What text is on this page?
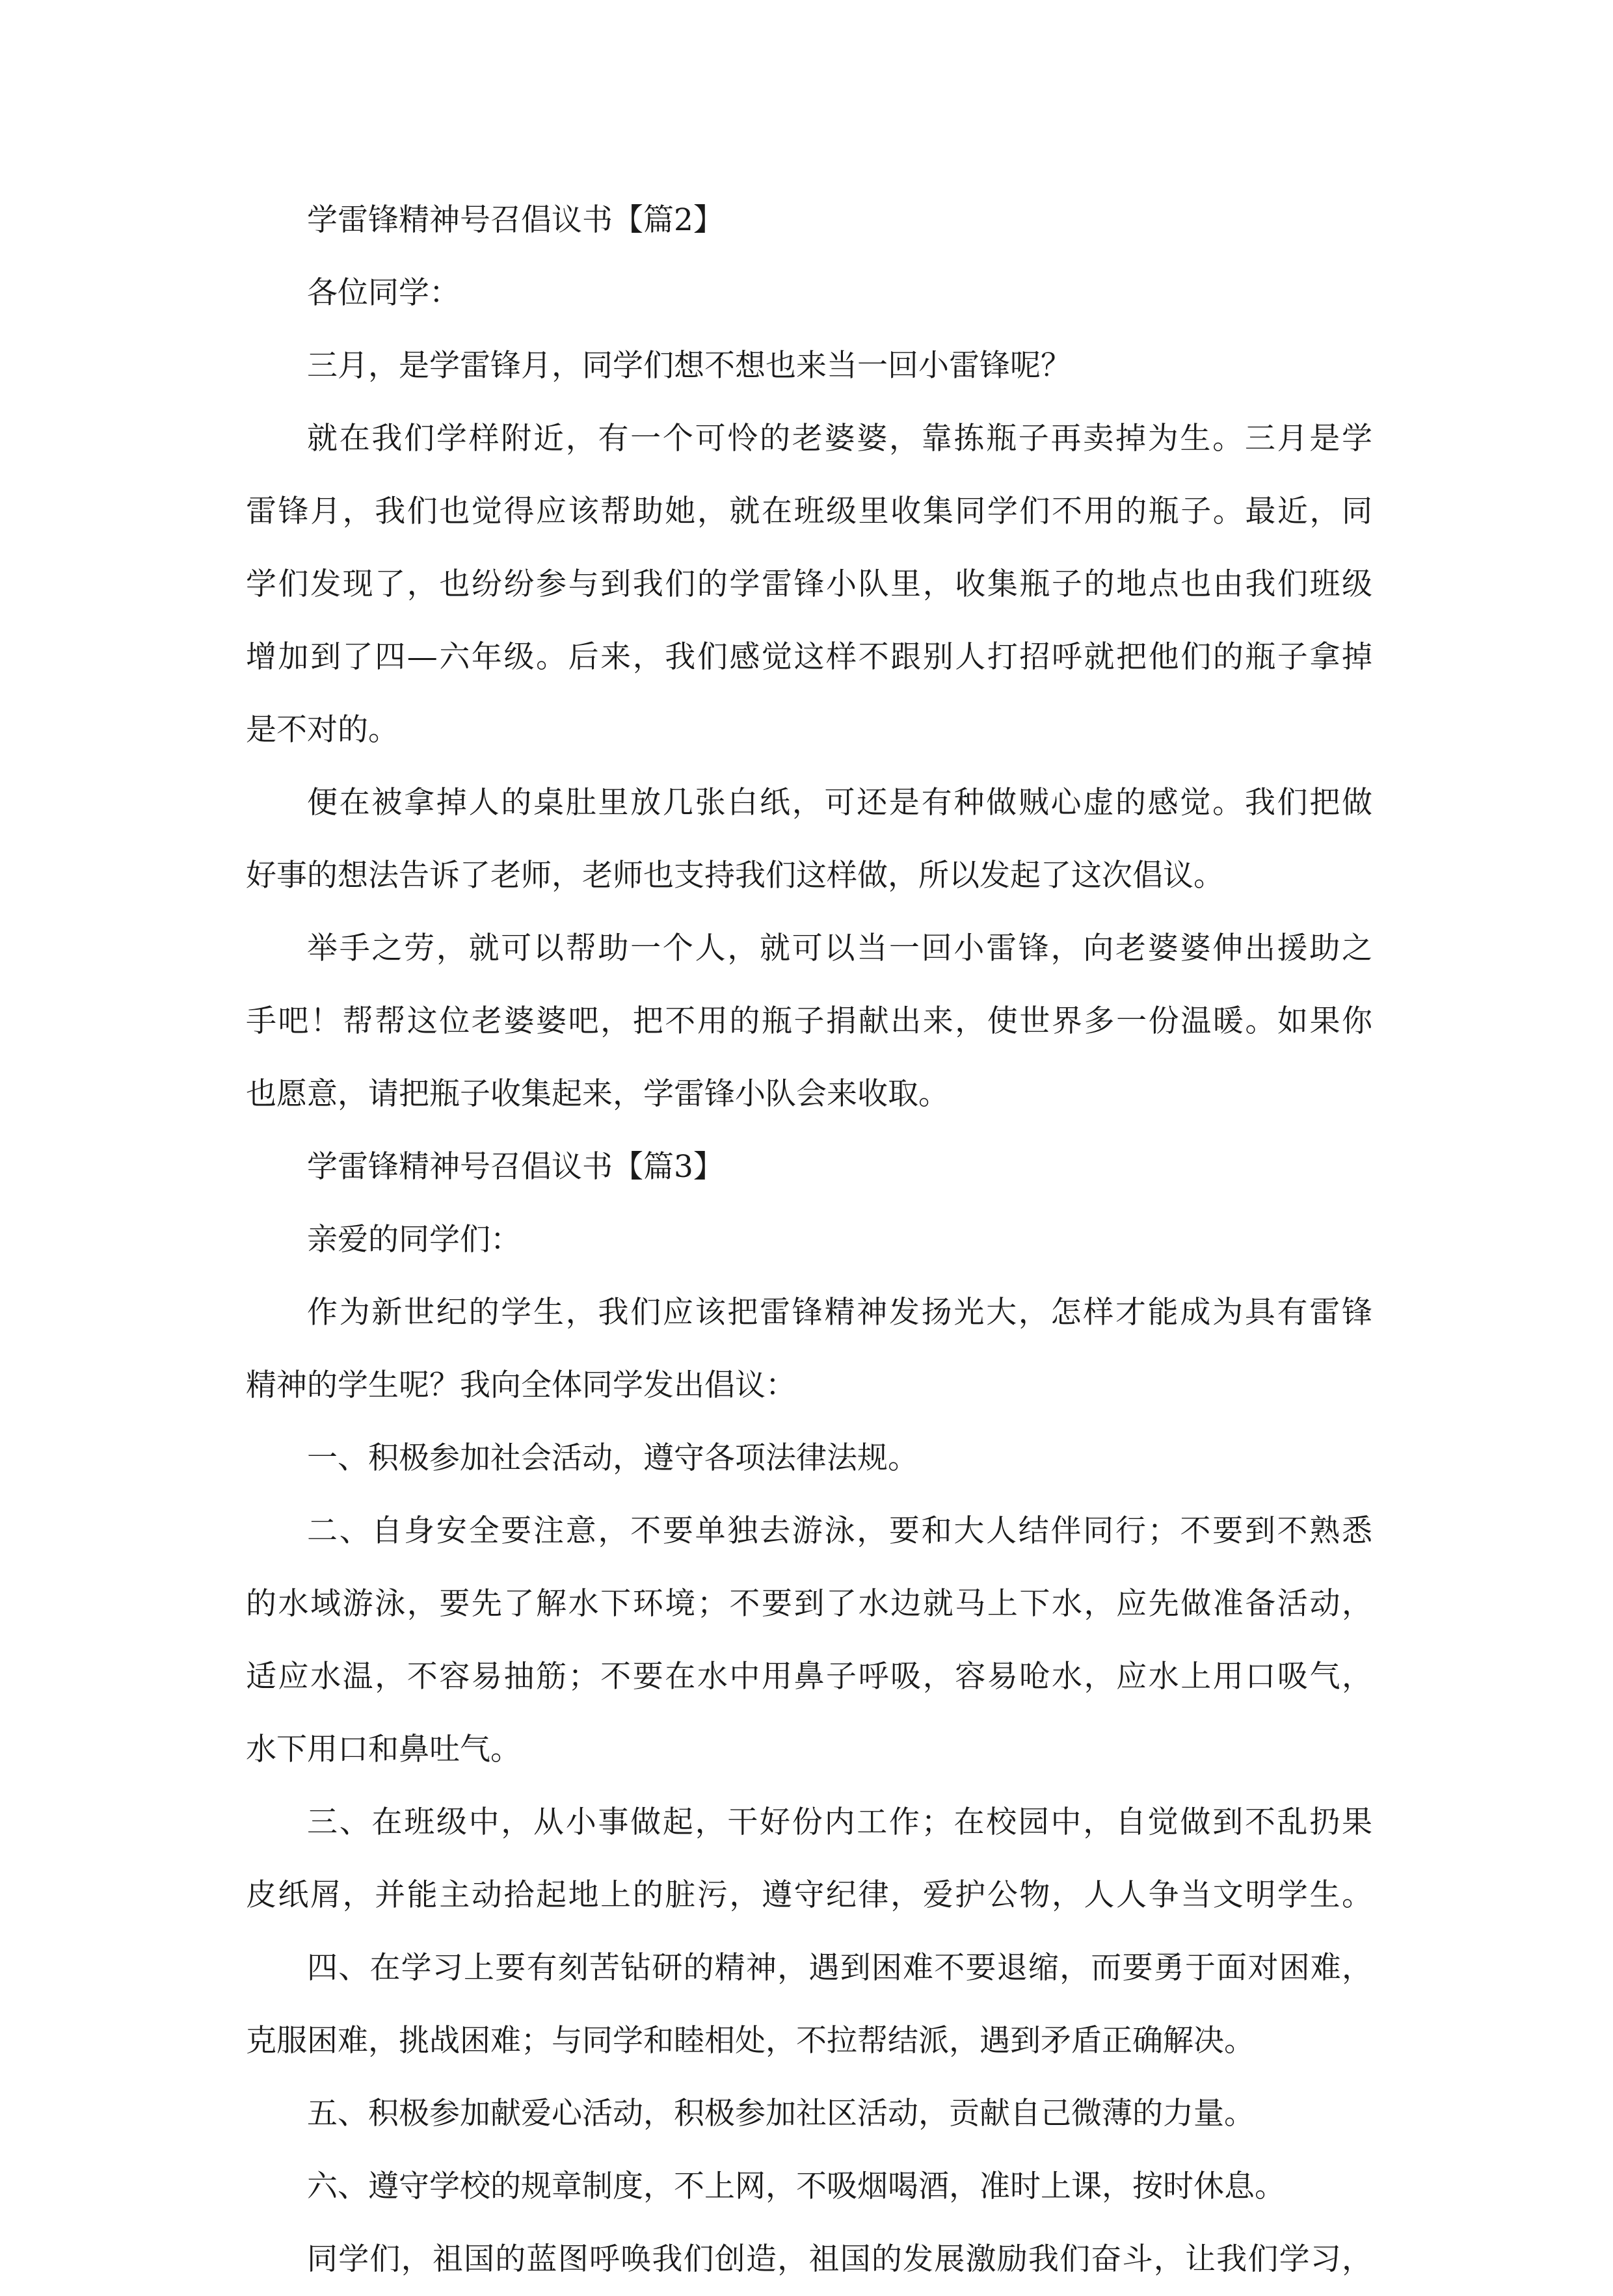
学雷锋精神号召倡议书【篇2】
各位同学：
三月，是学雷锋月，同学们想不想也来当一回小雷锋呢？
就在我们学样附近，有一个可怜的老婆婆，靠拣瓶子再卖掉为生。三月是学
雷锋月，我们也觉得应该帮助她，就在班级里收集同学们不用的瓶子。最近，同
学们发现了，也纷纷参与到我们的学雷锋小队里，收集瓶子的地点也由我们班级
增加到了四—六年级。后来，我们感觉这样不跟别人打招呼就把他们的瓶子拿掉
是不对的。
便在被拿掉人的桌肚里放几张白纸，可还是有种做贼心虚的感觉。我们把做
好事的想法告诉了老师，老师也支持我们这样做，所以发起了这次倡议。
举手之劳，就可以帮助一个人，就可以当一回小雷锋，向老婆婆伸出援助之
手吧！帮帮这位老婆婆吧，把不用的瓶子捐献出来，使世界多一份温暖。如果你
也愿意，请把瓶子收集起来，学雷锋小队会来收取。
学雷锋精神号召倡议书【篇3】
亲爱的同学们：
作为新世纪的学生，我们应该把雷锋精神发扬光大，怎样才能成为具有雷锋
精神的学生呢？我向全体同学发出倡议：
一、积极参加社会活动，遵守各项法律法规。
二、自身安全要注意，不要单独去游泳，要和大人结伴同行；不要到不熟悉
的水域游泳，要先了解水下环境；不要到了水边就马上下水，应先做准备活动，
适应水温，不容易抽筋；不要在水中用鼻子呼吸，容易呛水，应水上用口吸气，
水下用口和鼻吐气。
三、在班级中，从小事做起，干好份内工作；在校园中，自觉做到不乱扔果
皮纸屑，并能主动拾起地上的脏污，遵守纪律，爱护公物，人人争当文明学生。
四、在学习上要有刻苦钻研的精神，遇到困难不要退缩，而要勇于面对困难，
克服困难，挑战困难；与同学和睦相处，不拉帮结派，遇到矛盾正确解决。
五、积极参加献爱心活动，积极参加社区活动，贡献自己微薄的力量。
六、遵守学校的规章制度，不上网，不吸烟喝酒，准时上课，按时休息。
同学们，祖国的蓝图呼唤我们创造，祖国的发展激励我们奋斗，让我们学习，
